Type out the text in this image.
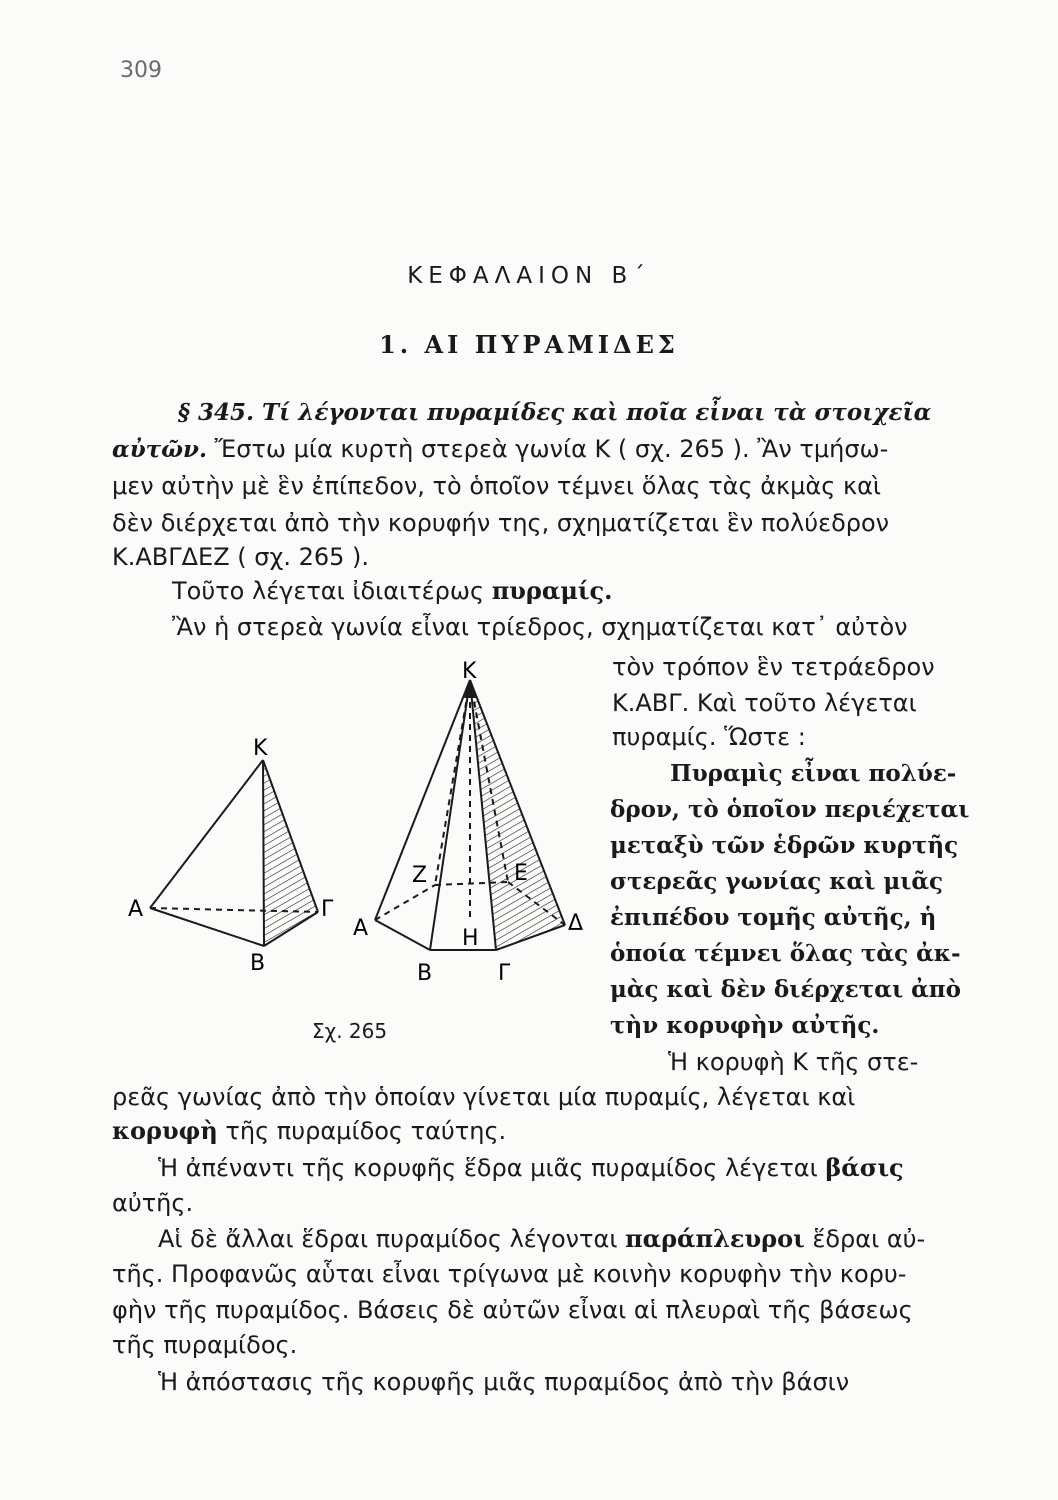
309
ΚΕΦΑΛΑΙΟΝ Β΄
1. ΑΙ ΠΥΡΑΜΙΔΕΣ
§ 345. Τί λέγονται πυραμίδες καὶ ποῖα εἶναι τὰ στοιχεῖα
αὐτῶν. Ἔστω μία κυρτὴ στερεὰ γωνία Κ ( σχ. 265 ). Ἂν τμήσω-
μεν αὐτὴν μὲ ἓν ἐπίπεδον, τὸ ὁποῖον τέμνει ὅλας τὰς ἀκμὰς καὶ
δὲν διέρχεται ἀπὸ τὴν κορυφήν της, σχηματίζεται ἓν πολύεδρον
Κ.ΑΒΓΔΕΖ ( σχ. 265 ).
Τοῦτο λέγεται ἰδιαιτέρως πυραμίς.
Ἂν ἡ στερεὰ γωνία εἶναι τρίεδρος, σχηματίζεται κατ᾽ αὐτὸν
K
A
B
Γ
K
A
B	Γ
Δ
E
Z
H
Σχ. 265
τὸν τρόπον ἓν τετράεδρον
Κ.ΑΒΓ. Καὶ τοῦτο λέγεται
πυραμίς. Ὥστε :
Πυραμὶς εἶναι πολύε-
δρον, τὸ ὁποῖον περιέχεται
μεταξὺ τῶν ἑδρῶν κυρτῆς
στερεᾶς γωνίας καὶ μιᾶς
ἐπιπέδου τομῆς αὐτῆς, ἡ
ὁποία τέμνει ὅλας τὰς ἀκ-
μὰς καὶ δὲν διέρχεται ἀπὸ
τὴν κορυφὴν αὐτῆς.
Ἡ κορυφὴ Κ τῆς στε-
ρεᾶς γωνίας ἀπὸ τὴν ὁποίαν γίνεται μία πυραμίς, λέγεται καὶ
κορυφὴ τῆς πυραμίδος ταύτης.
Ἡ ἀπέναντι τῆς κορυφῆς ἕδρα μιᾶς πυραμίδος λέγεται βάσις
αὐτῆς.
Αἱ δὲ ἄλλαι ἕδραι πυραμίδος λέγονται παράπλευροι ἕδραι αὐ-
τῆς. Προφανῶς αὗται εἶναι τρίγωνα μὲ κοινὴν κορυφὴν τὴν κορυ-
φὴν τῆς πυραμίδος. Βάσεις δὲ αὐτῶν εἶναι αἱ πλευραὶ τῆς βάσεως
τῆς πυραμίδος.
Ἡ ἀπόστασις τῆς κορυφῆς μιᾶς πυραμίδος ἀπὸ τὴν βάσιν
